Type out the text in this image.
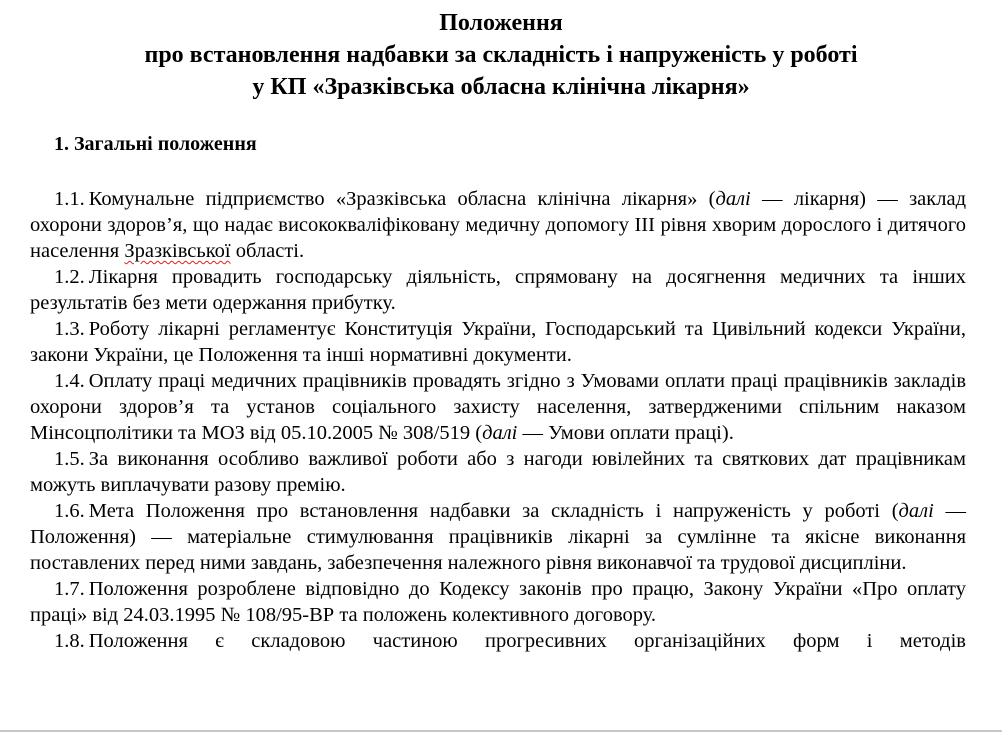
Положення
про встановлення надбавки за складність і напруженість у роботі
у КП «Зразківська обласна клінічна лікарня»
1. Загальні положення

1.1. Комунальне підприємство «Зразківська обласна клінічна лікарня» (далі — лікарня) — заклад охорони здоров’я, що надає висококваліфіковану медичну допомогу ІІІ рівня хворим дорослого і дитячого населення Зразківської області.

1.2. Лікарня провадить господарську діяльність, спрямовану на досягнення медичних та інших результатів без мети одержання прибутку.

1.3. Роботу лікарні регламентує Конституція України, Господарський та Цивільний кодекси України, закони України, це Положення та інші нормативні документи.

1.4. Оплату праці медичних працівників провадять згідно з Умовами оплати праці працівників закладів охорони здоров’я та установ соціального захисту населення, затвердженими спільним наказом Мінсоцполітики та МОЗ від 05.10.2005 № 308/519 (далі — Умови оплати праці).

1.5. За виконання особливо важливої роботи або з нагоди ювілейних та святкових дат працівникам можуть виплачувати разову премію.

1.6. Мета Положення про встановлення надбавки за складність і напруженість у роботі (далі — Положення) — матеріальне стимулювання працівників лікарні за сумлінне та якісне виконання поставлених перед ними завдань, забезпечення належного рівня виконавчої та трудової дисципліни.

1.7. Положення розроблене відповідно до Кодексу законів про працю, Закону України «Про оплату праці» від 24.03.1995 № 108/95-ВР та положень колективного договору.

1.8. Положення є складовою частиною прогресивних організаційних форм і методів
